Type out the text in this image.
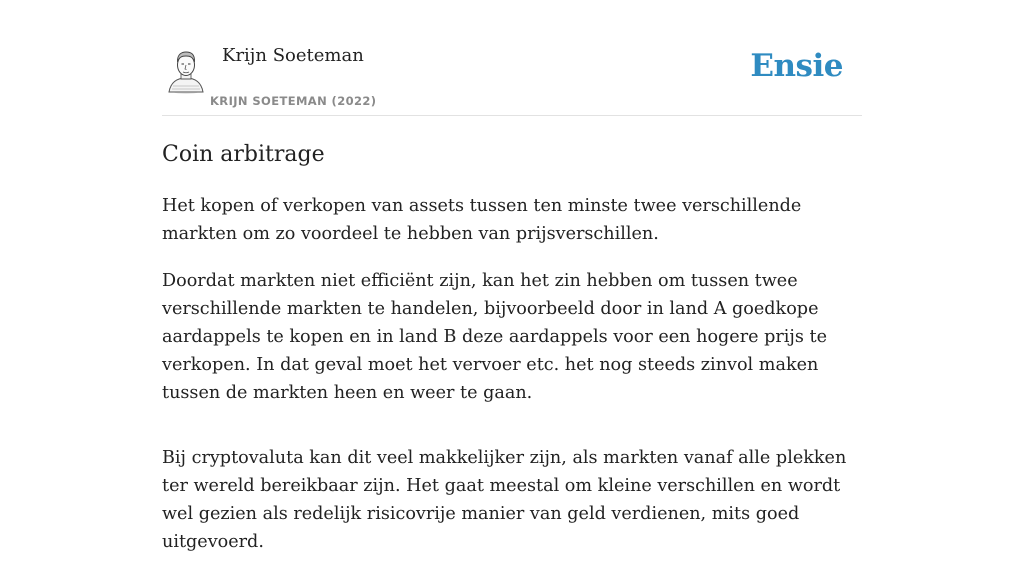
Krijn Soeteman
KRIJN SOETEMAN (2022)
Ensie
Coin arbitrage

Het kopen of verkopen van assets tussen ten minste twee verschillende markten om zo voordeel te hebben van prijsverschillen.

Doordat markten niet efficiënt zijn, kan het zin hebben om tussen twee verschillende markten te handelen, bijvoorbeeld door in land A goedkope aardappels te kopen en in land B deze aardappels voor een hogere prijs te verkopen. In dat geval moet het vervoer etc. het nog steeds zinvol maken tussen de markten heen en weer te gaan.

Bij cryptovaluta kan dit veel makkelijker zijn, als markten vanaf alle plekken ter wereld bereikbaar zijn. Het gaat meestal om kleine verschillen en wordt wel gezien als redelijk risicovrije manier van geld verdienen, mits goed uitgevoerd.
